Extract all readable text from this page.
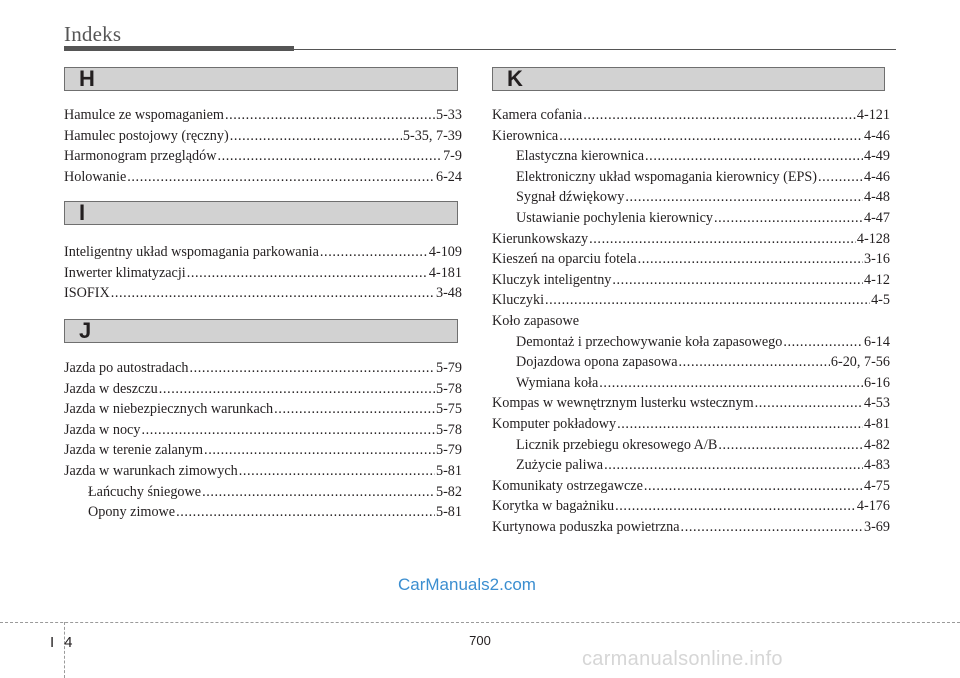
Indeks
H
Hamulce ze wspomaganiem .....	5-33
Hamulec postojowy (ręczny) .....	5-35, 7-39
Harmonogram przeglądów .....	7-9
Holowanie .....	6-24
I
Inteligentny układ wspomagania parkowania .....	4-109
Inwerter klimatyzacji .....	4-181
ISOFIX .....	3-48
J
Jazda po autostradach .....	5-79
Jazda w deszczu .....	5-78
Jazda w niebezpiecznych warunkach .....	5-75
Jazda w nocy .....	5-78
Jazda w terenie zalanym .....	5-79
Jazda w warunkach zimowych .....	5-81
Łańcuchy śniegowe .....	5-82
Opony zimowe .....	5-81
K
Kamera cofania .....	4-121
Kierownica .....	4-46
Elastyczna kierownica .....	4-49
Elektroniczny układ wspomagania kierownicy (EPS) .....	4-46
Sygnał dźwiękowy .....	4-48
Ustawianie pochylenia kierownicy .....	4-47
Kierunkowskazy .....	4-128
Kieszeń na oparciu fotela .....	3-16
Kluczyk inteligentny .....	4-12
Kluczyki .....	4-5
Koło zapasowe
Demontaż i przechowywanie koła zapasowego .....	6-14
Dojazdowa opona zapasowa .....	6-20, 7-56
Wymiana koła .....	6-16
Kompas w wewnętrznym lusterku wstecznym .....	4-53
Komputer pokładowy .....	4-81
Licznik przebiegu okresowego A/B .....	4-82
Zużycie paliwa .....	4-83
Komunikaty ostrzegawcze .....	4-75
Korytka w bagażniku .....	4-176
Kurtynowa poduszka powietrzna .....	3-69
CarManuals2.com
I 4	700
carmanualsonline.info
